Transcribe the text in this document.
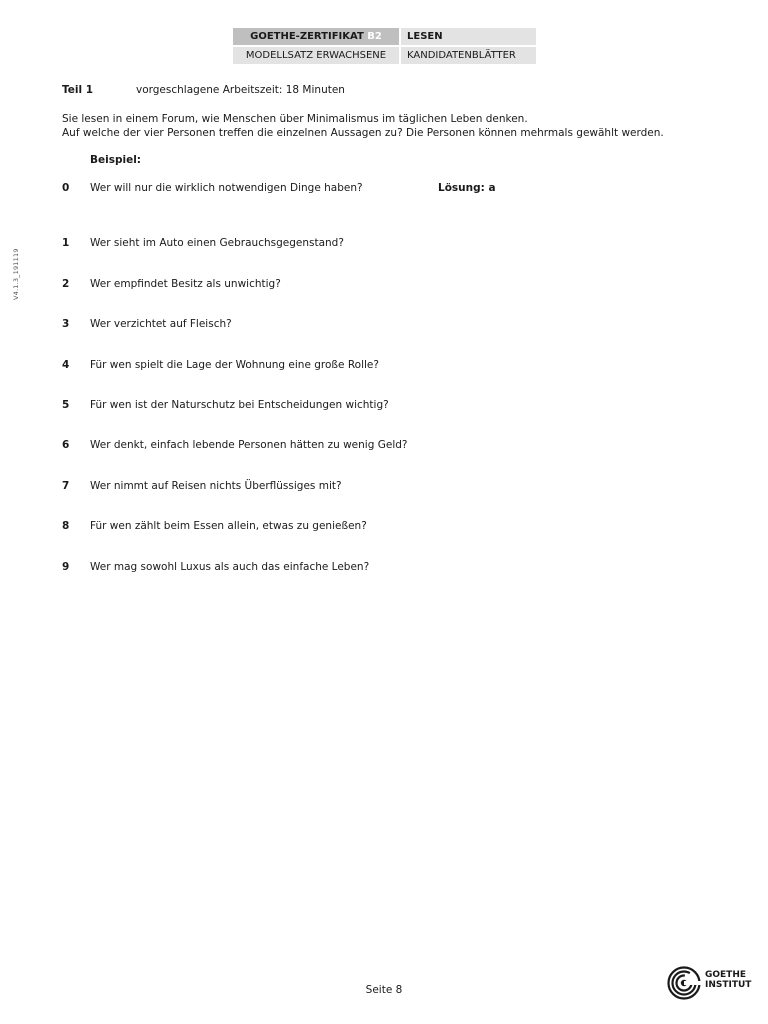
GOETHE-ZERTIFIKAT B2	LESEN
MODELLSATZ ERWACHSENE	KANDIDATENBLÄTTER
V4.1.3_191119
Teil 1	vorgeschlagene Arbeitszeit: 18 Minuten

Sie lesen in einem Forum, wie Menschen über Minimalismus im täglichen Leben denken.

Auf welche der vier Personen treffen die einzelnen Aussagen zu? Die Personen können mehrmals gewählt werden.

Beispiel:
0 Wer will nur die wirklich notwendigen Dinge haben?	Lösung: a
1 Wer sieht im Auto einen Gebrauchsgegenstand?
2 Wer empfindet Besitz als unwichtig?
3 Wer verzichtet auf Fleisch?
4 Für wen spielt die Lage der Wohnung eine große Rolle?
5 Für wen ist der Naturschutz bei Entscheidungen wichtig?
6 Wer denkt, einfach lebende Personen hätten zu wenig Geld?
7 Wer nimmt auf Reisen nichts Überflüssiges mit?
8 Für wen zählt beim Essen allein, etwas zu genießen?
9 Wer mag sowohl Luxus als auch das einfache Leben?
Seite 8
GOETHE
INSTITUT
